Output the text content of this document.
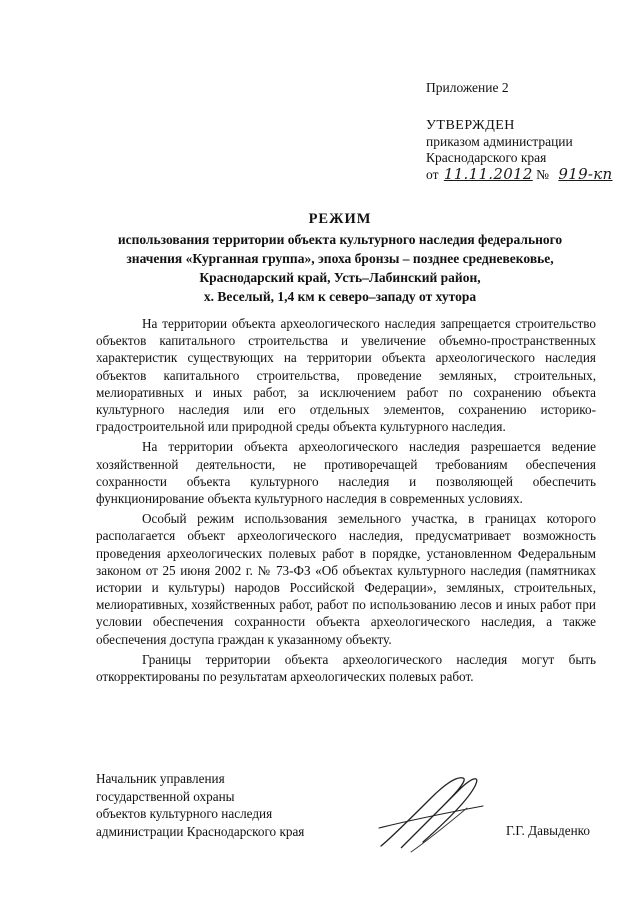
Приложение 2
УТВЕРЖДЕН
приказом администрации
Краснодарского края
от 11.11.2012 № 919-кп
РЕЖИМ
использования территории объекта культурного наследия федерального
значения «Курганная группа», эпоха бронзы – позднее средневековье,
Краснодарский край, Усть–Лабинский район,
х. Веселый, 1,4 км к северо–западу от хутора

На территории объекта археологического наследия запрещается строительство объектов капитального строительства и увеличение объемно-пространственных характеристик существующих на территории объекта археологического наследия объектов капитального строительства, проведение земляных, строительных, мелиоративных и иных работ, за исключением работ по сохранению объекта культурного наследия или его отдельных элементов, сохранению историко-градостроительной или природной среды объекта культурного наследия.

На территории объекта археологического наследия разрешается ведение хозяйственной деятельности, не противоречащей требованиям обеспечения сохранности объекта культурного наследия и позволяющей обеспечить функционирование объекта культурного наследия в современных условиях.

Особый режим использования земельного участка, в границах которого располагается объект археологического наследия, предусматривает возможность проведения археологических полевых работ в порядке, установленном Федеральным законом от 25 июня 2002 г. № 73-ФЗ «Об объектах культурного наследия (памятниках истории и культуры) народов Российской Федерации», земляных, строительных, мелиоративных, хозяйственных работ, работ по использованию лесов и иных работ при условии обеспечения сохранности объекта археологического наследия, а также обеспечения доступа граждан к указанному объекту.

Границы территории объекта археологического наследия могут быть откорректированы по результатам археологических полевых работ.

Начальник управления
государственной охраны
объектов культурного наследия
администрации Краснодарского края	Г.Г. Давыденко
